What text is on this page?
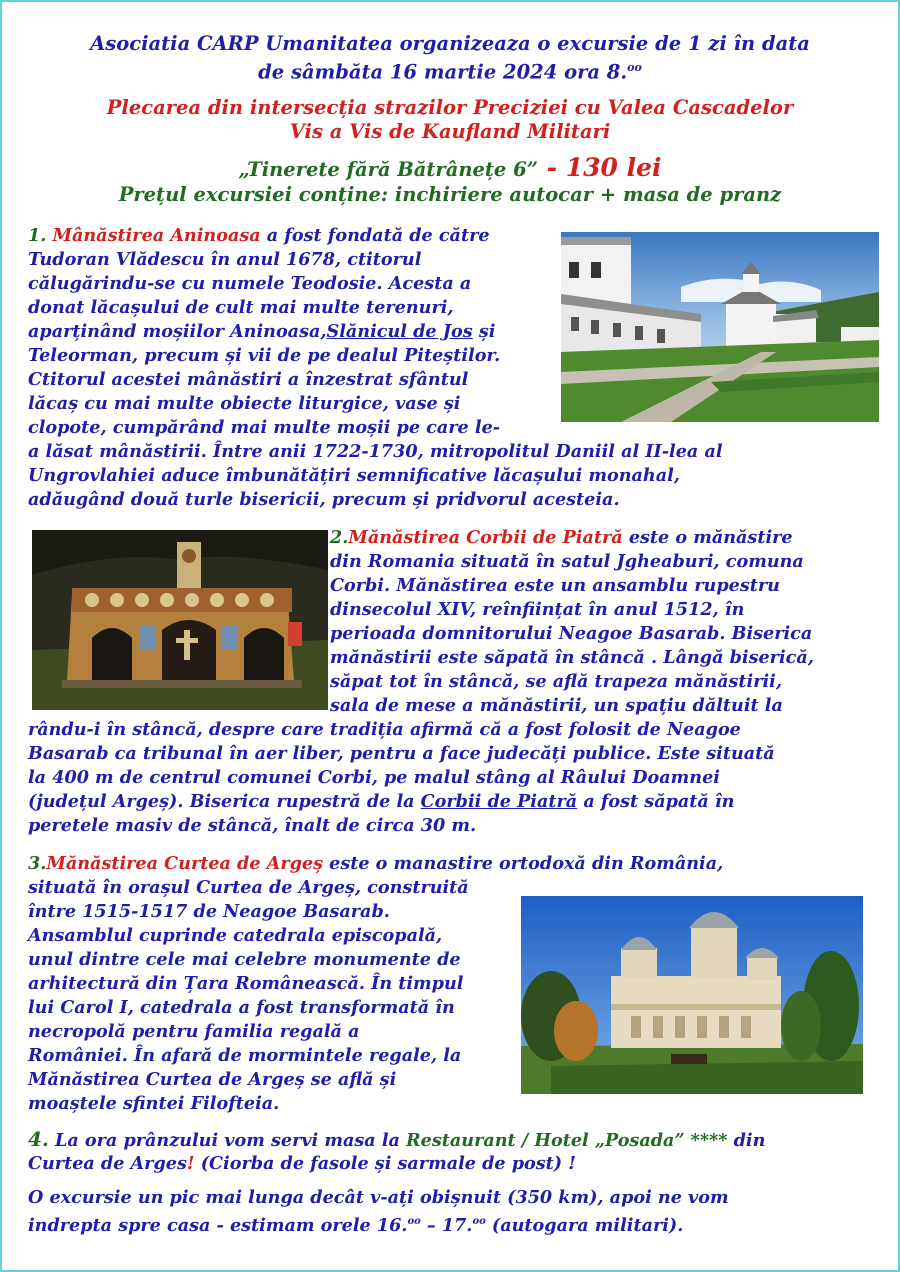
Asociatia CARP Umanitatea organizeaza o excursie de 1 zi în data
de sâmbăta 16 martie 2024 ora 8.$^{oo}$
Plecarea din intersecția strazilor Preciziei cu Valea Cascadelor
Vis a Vis de Kaufland Militari
„Tinerete fără Bătrânețe 6” - 130 lei
Prețul excursiei conține: inchiriere autocar + masa de pranz
1. Mânăstirea Aninoasa a fost fondată de către
Tudoran Vlădescu în anul 1678, ctitorul
călugărindu-se cu numele Teodosie. Acesta a
donat lăcașului de cult mai multe terenuri,
aparținând moșiilor Aninoasa,Slănicul de Jos și
Teleorman, precum și vii de pe dealul Piteștilor.
Ctitorul acestei mânăstiri a înzestrat sfântul
lăcaș cu mai multe obiecte liturgice, vase și
clopote, cumpărând mai multe moșii pe care le-
a lăsat mânăstirii. Între anii 1722-1730, mitropolitul Daniil al II-lea al
Ungrovlahiei aduce îmbunătățiri semnificative lăcașului monahal,
adăugând două turle bisericii, precum și pridvorul acesteia.
2.Mănăstirea Corbii de Piatră este o mănăstire
din Romania situată în satul Jgheaburi, comuna
Corbi. Mănăstirea este un ansamblu rupestru
dinsecolul XIV, reînființat în anul 1512, în
perioada domnitorului Neagoe Basarab. Biserica
mănăstirii este săpată în stâncă . Lângă biserică,
săpat tot în stâncă, se află trapeza mănăstirii,
sala de mese a mănăstirii, un spațiu dăltuit la
rându-i în stâncă, despre care tradiția afirmă că a fost folosit de Neagoe
Basarab ca tribunal în aer liber, pentru a face judecăți publice. Este situată
la 400 m de centrul comunei Corbi, pe malul stâng al Râului Doamnei
(județul Argeș). Biserica rupestră de la Corbii de Piatră a fost săpată în
peretele masiv de stâncă, înalt de circa 30 m.
3.Mănăstirea Curtea de Argeș este o manastire ortodoxă din România,
situată în orașul Curtea de Argeș, construită
între 1515-1517 de Neagoe Basarab.
Ansamblul cuprinde catedrala episcopală,
unul dintre cele mai celebre monumente de
arhitectură din Țara Românească. În timpul
lui Carol I, catedrala a fost transformată în
necropolă pentru familia regală a
României. În afară de mormintele regale, la
Mănăstirea Curtea de Argeș se află și
moaștele sfintei Filofteia.
4. La ora prânzului vom servi masa la Restaurant / Hotel „Posada” **** din
Curtea de Arges! (Ciorba de fasole și sarmale de post) !
O excursie un pic mai lunga decât v-ați obișnuit (350 km), apoi ne vom
indrepta spre casa - estimam orele 16.$^{oo}$ – 17.$^{oo}$ (autogara militari).
